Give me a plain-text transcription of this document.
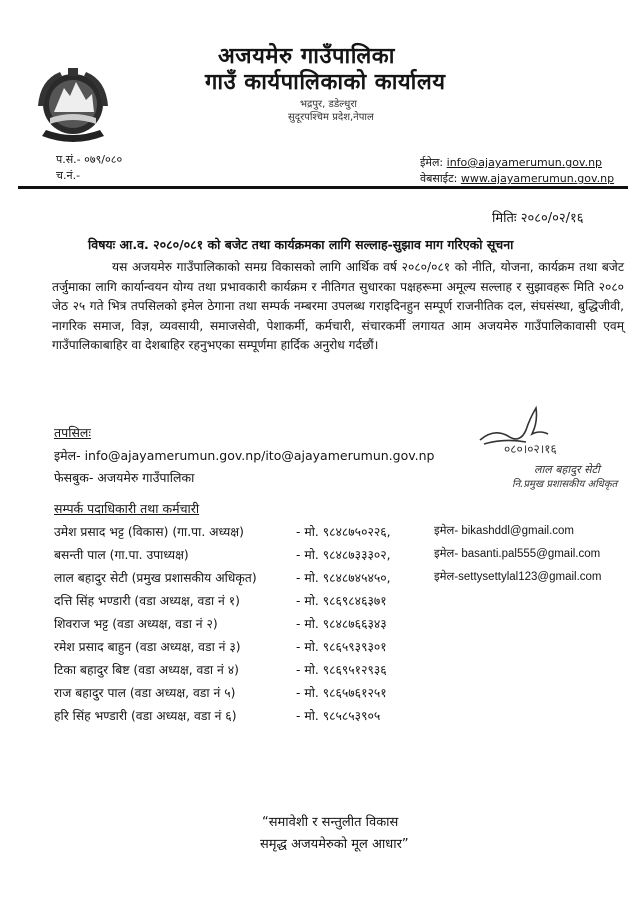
अजयमेरु गाउँपालिका
गाउँ कार्यपालिकाको कार्यालय
भद्रपुर, डडेल्धुरा
सुदूरपश्चिम प्रदेश,नेपाल
प.सं.- ०७९/०८०
च.नं.-
ईमेल: info@ajayamerumun.gov.np
वेबसाईट: www.ajayamerumun.gov.np
मितिः २०८०/०२/१६
विषयः आ.व. २०८०/०८१ को बजेट तथा कार्यक्रमका लागि सल्लाह-सुझाव माग गरिएको सूचना
यस अजयमेरु गाउँपालिकाको समग्र विकासको लागि आर्थिक वर्ष २०८०/०८१ को नीति, योजना, कार्यक्रम तथा बजेट तर्जुमाका लागि कार्यान्वयन योग्य तथा प्रभावकारी कार्यक्रम र नीतिगत सुधारका पक्षहरूमा अमूल्य सल्लाह र सुझावहरू मिति २०८० जेठ २५ गते भित्र तपसिलको इमेल ठेगाना तथा सम्पर्क नम्बरमा उपलब्ध गराइदिनहुन सम्पूर्ण राजनीतिक दल, संघसंस्था, बुद्धिजीवी, नागरिक समाज, विज्ञ, व्यवसायी, समाजसेवी, पेशाकर्मी, कर्मचारी, संचारकर्मी लगायत आम अजयमेरु गाउँपालिकावासी एवम् गाउँपालिकाबाहिर वा देशबाहिर रहनुभएका सम्पूर्णमा हार्दिक अनुरोध गर्दछौं।
तपसिलः
इमेल- info@ajayamerumun.gov.np/ito@ajayamerumun.gov.np
फेसबुक- अजयमेरु गाउँपालिका
०८०।०२।१६
लाल बहादुर सेटी
नि.प्रमुख प्रशासकीय अधिकृत
सम्पर्क पदाधिकारी तथा कर्मचारी
उमेश प्रसाद भट्ट (विकास) (गा.पा. अध्यक्ष)	- मो. ९८४८७५०२२६,	इमेल- bikashddl@gmail.com
बसन्ती पाल (गा.पा. उपाध्यक्ष)	- मो. ९८४८७३३३०२,	इमेल- basanti.pal555@gmail.com
लाल बहादुर सेटी (प्रमुख प्रशासकीय अधिकृत)	- मो. ९८४८७४५४५०,	इमेल-settysettylal123@gmail.com
दत्ति सिंह भण्डारी (वडा अध्यक्ष, वडा नं १)	- मो. ९८६९८४६३७१
शिवराज भट्ट (वडा अध्यक्ष, वडा नं २)	- मो. ९८४८७६६३४३
रमेश प्रसाद बाहुन (वडा अध्यक्ष, वडा नं ३)	- मो. ९८६५९३९३०१
टिका बहादुर बिष्ट (वडा अध्यक्ष, वडा नं ४)	- मो. ९८६९५१२९३६
राज बहादुर पाल (वडा अध्यक्ष, वडा नं ५)	- मो. ९८६५७६१२५१
हरि सिंह भण्डारी (वडा अध्यक्ष, वडा नं ६)	- मो. ९८५८५३९०५
“समावेशी र सन्तुलीत विकास
समृद्ध अजयमेरुको मूल आधार”
